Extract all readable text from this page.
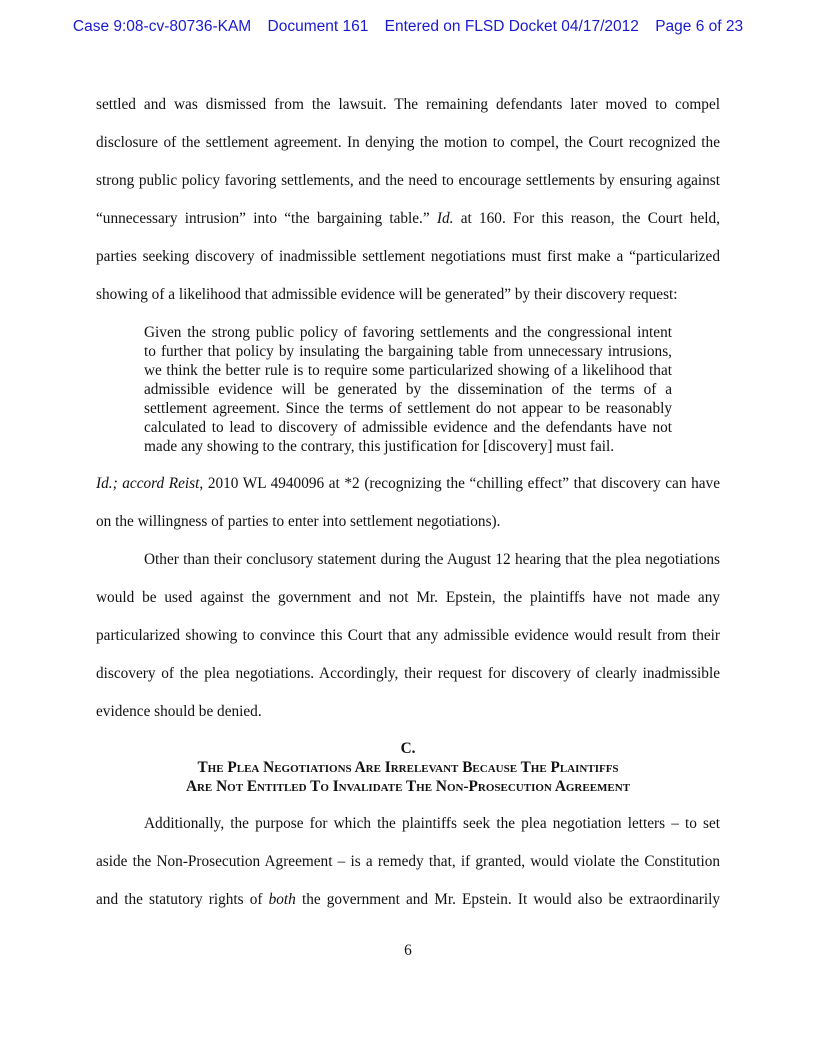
Case 9:08-cv-80736-KAM Document 161 Entered on FLSD Docket 04/17/2012 Page 6 of 23
settled and was dismissed from the lawsuit. The remaining defendants later moved to compel
disclosure of the settlement agreement. In denying the motion to compel, the Court recognized the
strong public policy favoring settlements, and the need to encourage settlements by ensuring against
“unnecessary intrusion” into “the bargaining table.” Id. at 160. For this reason, the Court held,
parties seeking discovery of inadmissible settlement negotiations must first make a “particularized
showing of a likelihood that admissible evidence will be generated” by their discovery request:
Given the strong public policy of favoring settlements and the congressional intent
to further that policy by insulating the bargaining table from unnecessary intrusions,
we think the better rule is to require some particularized showing of a likelihood that
admissible evidence will be generated by the dissemination of the terms of a
settlement agreement. Since the terms of settlement do not appear to be reasonably
calculated to lead to discovery of admissible evidence and the defendants have not
made any showing to the contrary, this justification for [discovery] must fail.
Id.; accord Reist, 2010 WL 4940096 at *2 (recognizing the “chilling effect” that discovery can have
on the willingness of parties to enter into settlement negotiations).
Other than their conclusory statement during the August 12 hearing that the plea negotiations
would be used against the government and not Mr. Epstein, the plaintiffs have not made any
particularized showing to convince this Court that any admissible evidence would result from their
discovery of the plea negotiations. Accordingly, their request for discovery of clearly inadmissible
evidence should be denied.
C.
The Plea Negotiations Are Irrelevant Because The Plaintiffs
Are Not Entitled To Invalidate The Non-Prosecution Agreement
Additionally, the purpose for which the plaintiffs seek the plea negotiation letters – to set
aside the Non-Prosecution Agreement – is a remedy that, if granted, would violate the Constitution
and the statutory rights of both the government and Mr. Epstein. It would also be extraordinarily
6
